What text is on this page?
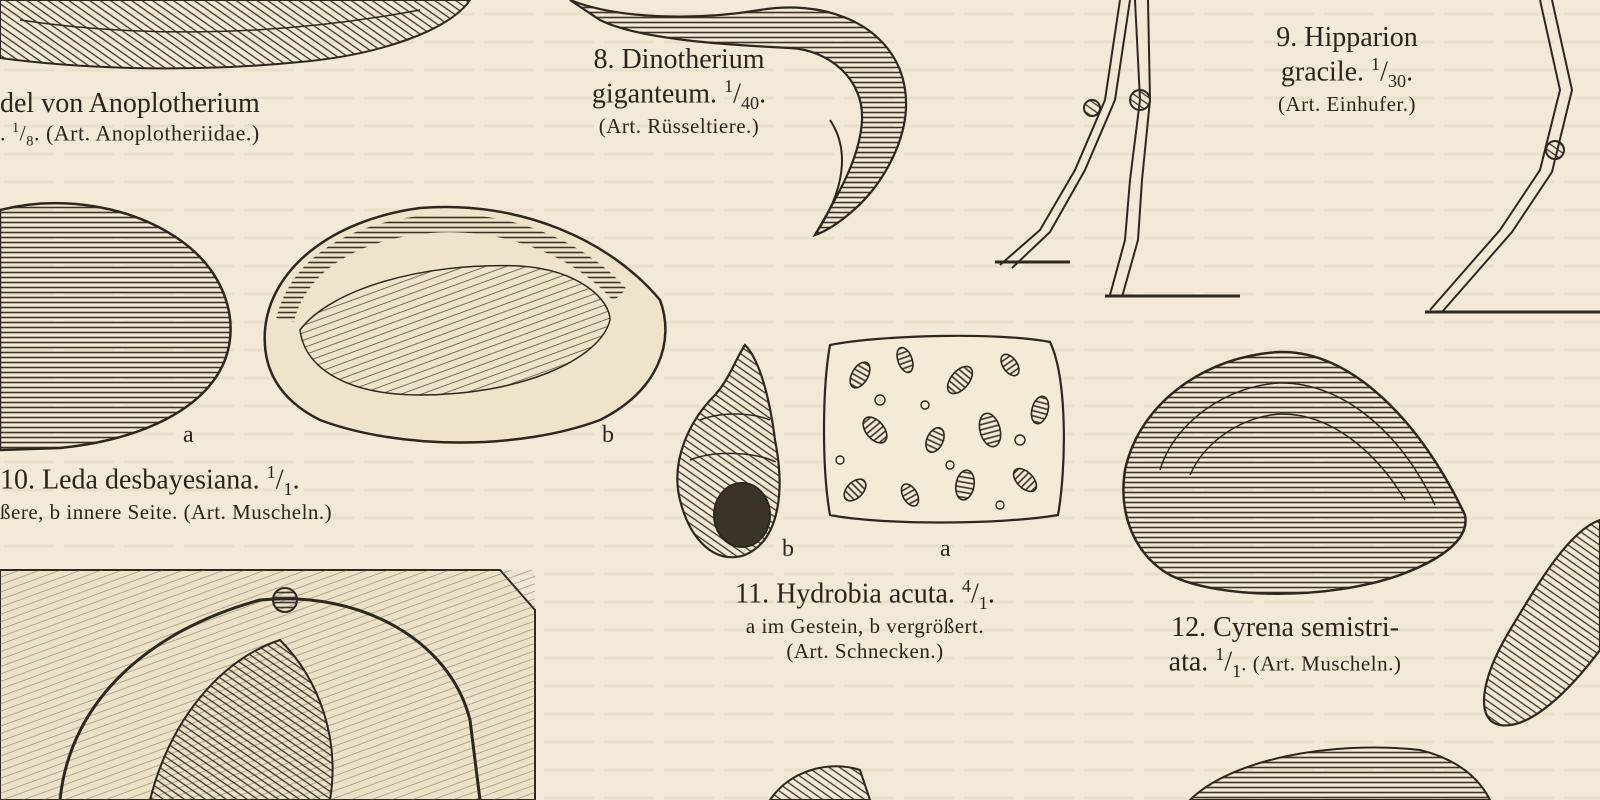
8. Dinotherium
giganteum. $^1/_{40}$.
(Art. Rüsseltiere.)
9. Hipparion
gracile. $^1/_{30}$.
(Art. Einhufer.)
del von Anoplotherium
. $^1/_8$. (Art. Anoplotheriidae.)
a	b
10. Leda desbayesiana. $^1/_1$.
ßere, b innere Seite. (Art. Muscheln.)
b	a
11. Hydrobia acuta. $^4/_1$.
a im Gestein, b vergrößert.
(Art. Schnecken.)
12. Cyrena semistri-
ata. $^1/_1$. (Art. Muscheln.)
